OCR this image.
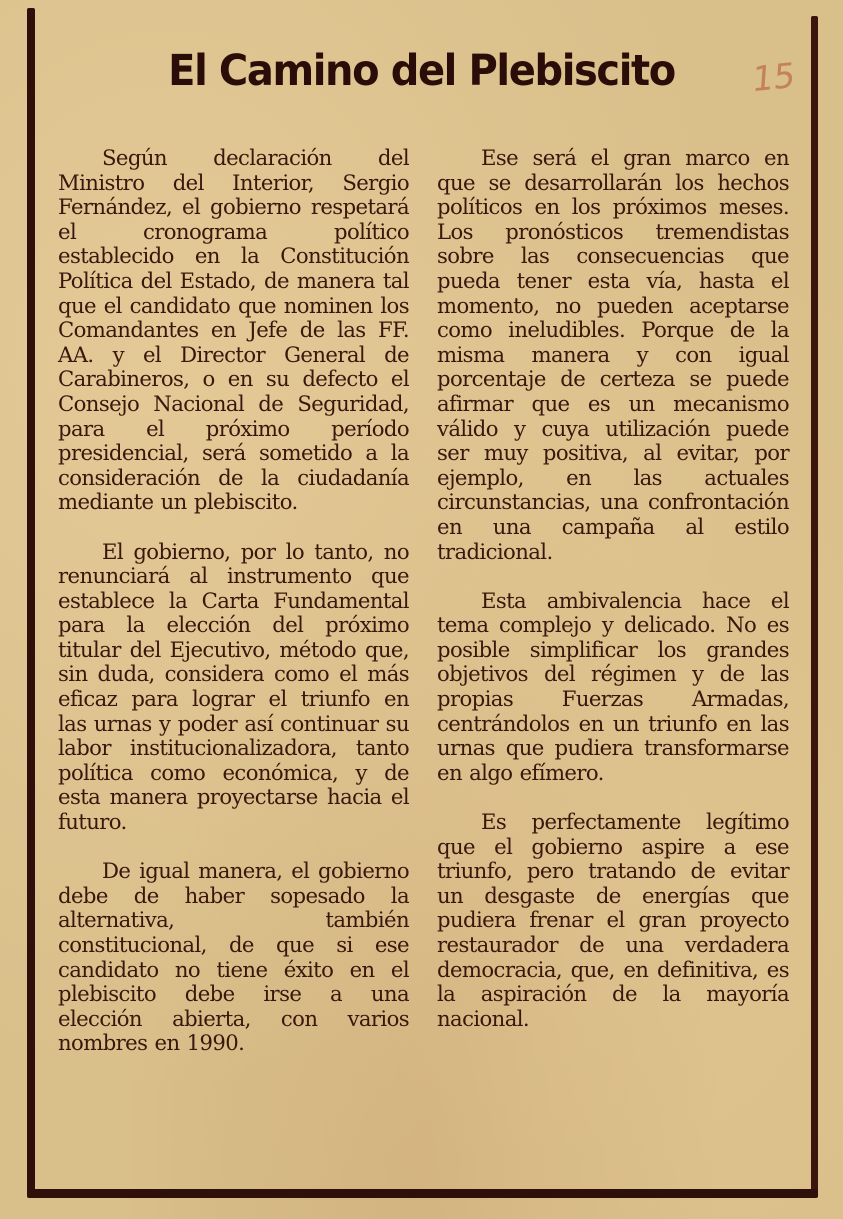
El Camino del Plebiscito	15

Según declaración del Ministro del Interior, Sergio Fernández, el gobierno respetará el cronograma político establecido en la Constitución Política del Estado, de manera tal que el candidato que nominen los Comandantes en Jefe de las FF. AA. y el Director General de Carabineros, o en su defecto el Consejo Nacional de Seguridad, para el próximo período presidencial, será sometido a la consideración de la ciudadanía mediante un plebiscito.

El gobierno, por lo tanto, no renunciará al instrumento que establece la Carta Fundamental para la elección del próximo titular del Ejecutivo, método que, sin duda, considera como el más eficaz para lograr el triunfo en las urnas y poder así continuar su labor institucionalizadora, tanto política como económica, y de esta manera proyectarse hacia el futuro.

De igual manera, el gobierno debe de haber sopesado la alternativa, también constitucional, de que si ese candidato no tiene éxito en el plebiscito debe irse a una elección abierta, con varios nombres en 1990.

Ese será el gran marco en que se desarrollarán los hechos políticos en los próximos meses. Los pronósticos tremendistas sobre las consecuencias que pueda tener esta vía, hasta el momento, no pueden aceptarse como ineludibles. Porque de la misma manera y con igual porcentaje de certeza se puede afirmar que es un mecanismo válido y cuya utilización puede ser muy positiva, al evitar, por ejemplo, en las actuales circunstancias, una confrontación en una campaña al estilo tradicional.

Esta ambivalencia hace el tema complejo y delicado. No es posible simplificar los grandes objetivos del régimen y de las propias Fuerzas Armadas, centrándolos en un triunfo en las urnas que pudiera transformarse en algo efímero.

Es perfectamente legítimo que el gobierno aspire a ese triunfo, pero tratando de evitar un desgaste de energías que pudiera frenar el gran proyecto restaurador de una verdadera democracia, que, en definitiva, es la aspiración de la mayoría nacional.
